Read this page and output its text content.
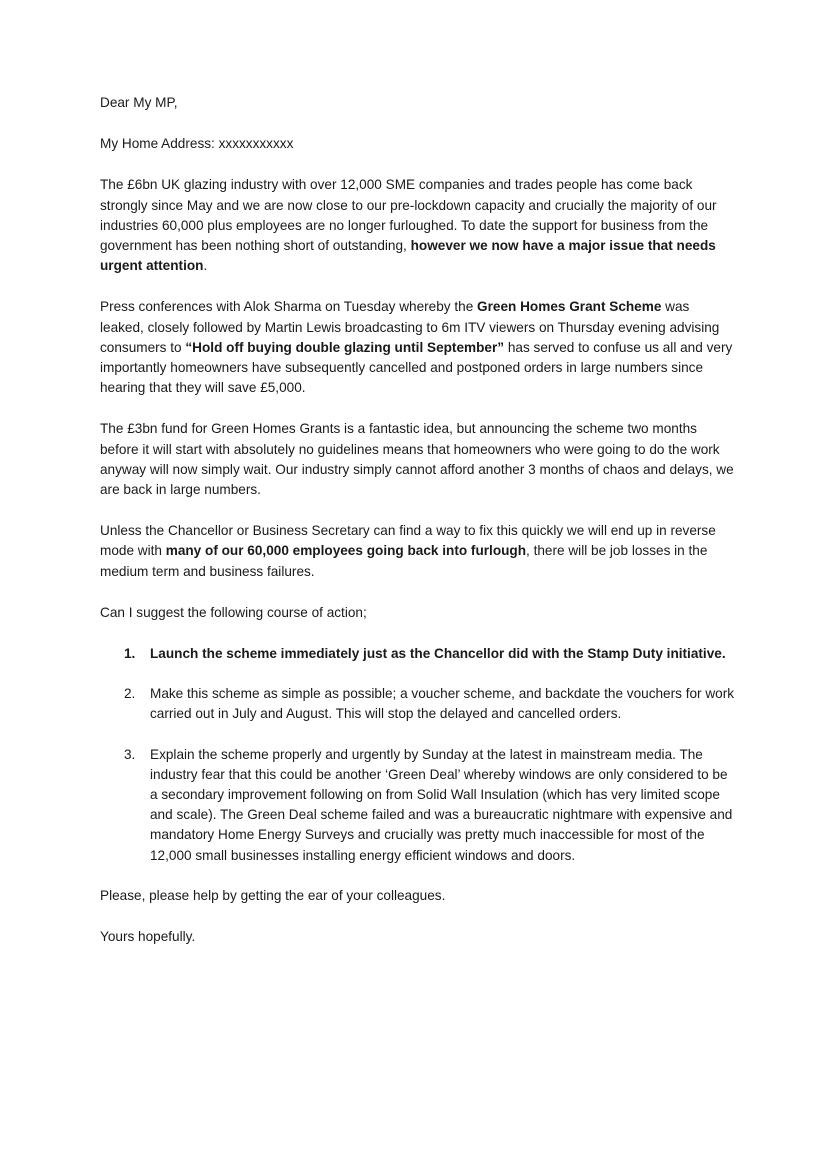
Dear My MP,

My Home Address: xxxxxxxxxxx

The £6bn UK glazing industry with over 12,000 SME companies and trades people has come back strongly since May and we are now close to our pre-lockdown capacity and crucially the majority of our industries 60,000 plus employees are no longer furloughed. To date the support for business from the government has been nothing short of outstanding, however we now have a major issue that needs urgent attention.

Press conferences with Alok Sharma on Tuesday whereby the Green Homes Grant Scheme was leaked, closely followed by Martin Lewis broadcasting to 6m ITV viewers on Thursday evening advising consumers to “Hold off buying double glazing until September” has served to confuse us all and very importantly homeowners have subsequently cancelled and postponed orders in large numbers since hearing that they will save £5,000.

The £3bn fund for Green Homes Grants is a fantastic idea, but announcing the scheme two months before it will start with absolutely no guidelines means that homeowners who were going to do the work anyway will now simply wait. Our industry simply cannot afford another 3 months of chaos and delays, we are back in large numbers.

Unless the Chancellor or Business Secretary can find a way to fix this quickly we will end up in reverse mode with many of our 60,000 employees going back into furlough, there will be job losses in the medium term and business failures.

Can I suggest the following course of action;

1. Launch the scheme immediately just as the Chancellor did with the Stamp Duty initiative.
2. Make this scheme as simple as possible; a voucher scheme, and backdate the vouchers for work carried out in July and August. This will stop the delayed and cancelled orders.
3. Explain the scheme properly and urgently by Sunday at the latest in mainstream media. The industry fear that this could be another ‘Green Deal’ whereby windows are only considered to be a secondary improvement following on from Solid Wall Insulation (which has very limited scope and scale). The Green Deal scheme failed and was a bureaucratic nightmare with expensive and mandatory Home Energy Surveys and crucially was pretty much inaccessible for most of the 12,000 small businesses installing energy efficient windows and doors.

Please, please help by getting the ear of your colleagues.

Yours hopefully.
